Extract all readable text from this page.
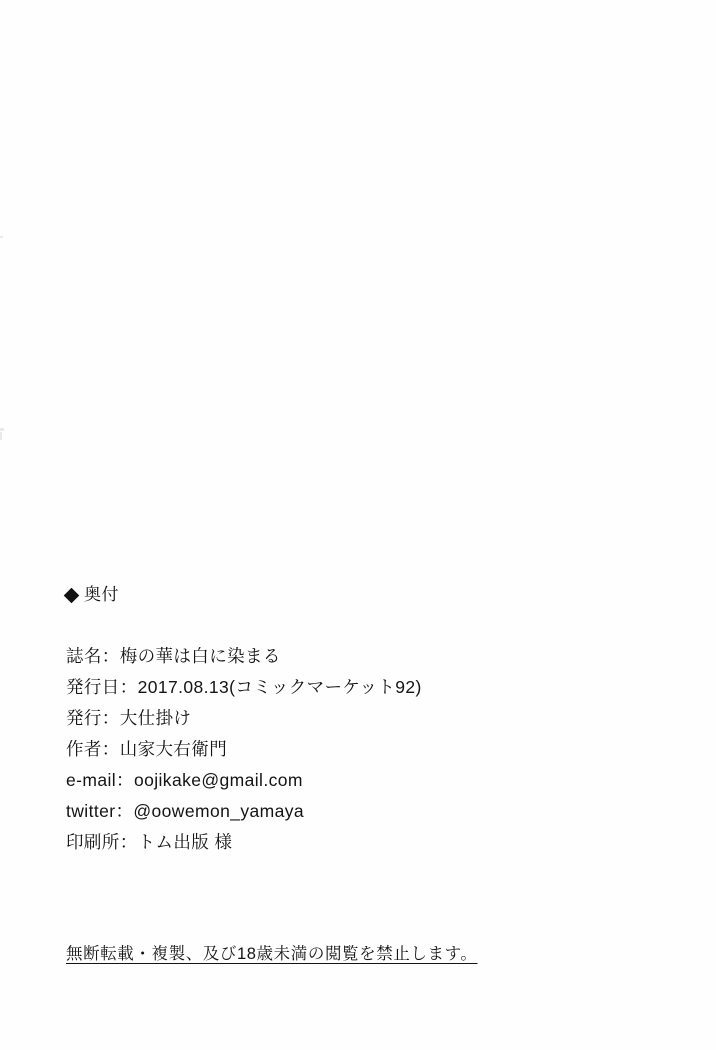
奥付
誌名：梅の華は白に染まる
発行日：2017.08.13(コミックマーケット92)
発行：大仕掛け
作者：山家大右衛門
e-mail：oojikake@gmail.com
twitter：@oowemon_yamaya
印刷所：トム出版 様
無断転載・複製、及び18歳未満の閲覧を禁止します。
